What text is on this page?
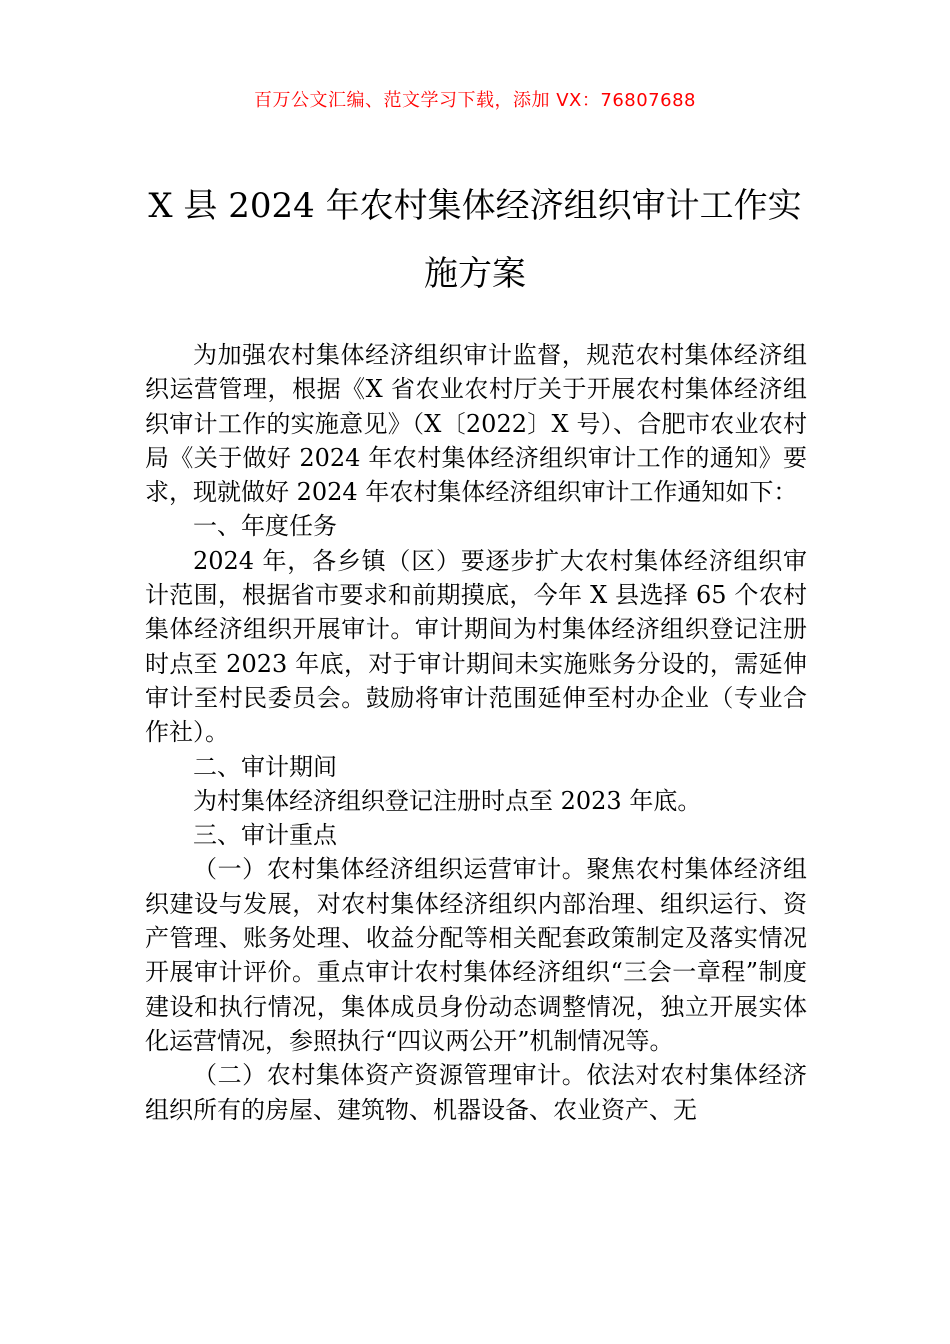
百万公文汇编、范文学习下载，添加 VX：76807688
X 县 2024 年农村集体经济组织审计工作实
施方案

为加强农村集体经济组织审计监督，规范农村集体经济组织运营管理，根据《X 省农业农村厅关于开展农村集体经济组织审计工作的实施意见》（X〔2022〕X 号）、合肥市农业农村局《关于做好 2024 年农村集体经济组织审计工作的通知》要求，现就做好 2024 年农村集体经济组织审计工作通知如下：

一、年度任务

2024 年，各乡镇（区）要逐步扩大农村集体经济组织审计范围，根据省市要求和前期摸底，今年 X 县选择 65 个农村集体经济组织开展审计。审计期间为村集体经济组织登记注册时点至 2023 年底，对于审计期间未实施账务分设的，需延伸审计至村民委员会。鼓励将审计范围延伸至村办企业（专业合作社）。

二、审计期间

为村集体经济组织登记注册时点至 2023 年底。

三、审计重点

（一）农村集体经济组织运营审计。聚焦农村集体经济组织建设与发展，对农村集体经济组织内部治理、组织运行、资产管理、账务处理、收益分配等相关配套政策制定及落实情况开展审计评价。重点审计农村集体经济组织“三会一章程”制度建设和执行情况，集体成员身份动态调整情况，独立开展实体化运营情况，参照执行“四议两公开”机制情况等。

（二）农村集体资产资源管理审计。依法对农村集体经济组织所有的房屋、建筑物、机器设备、农业资产、无
